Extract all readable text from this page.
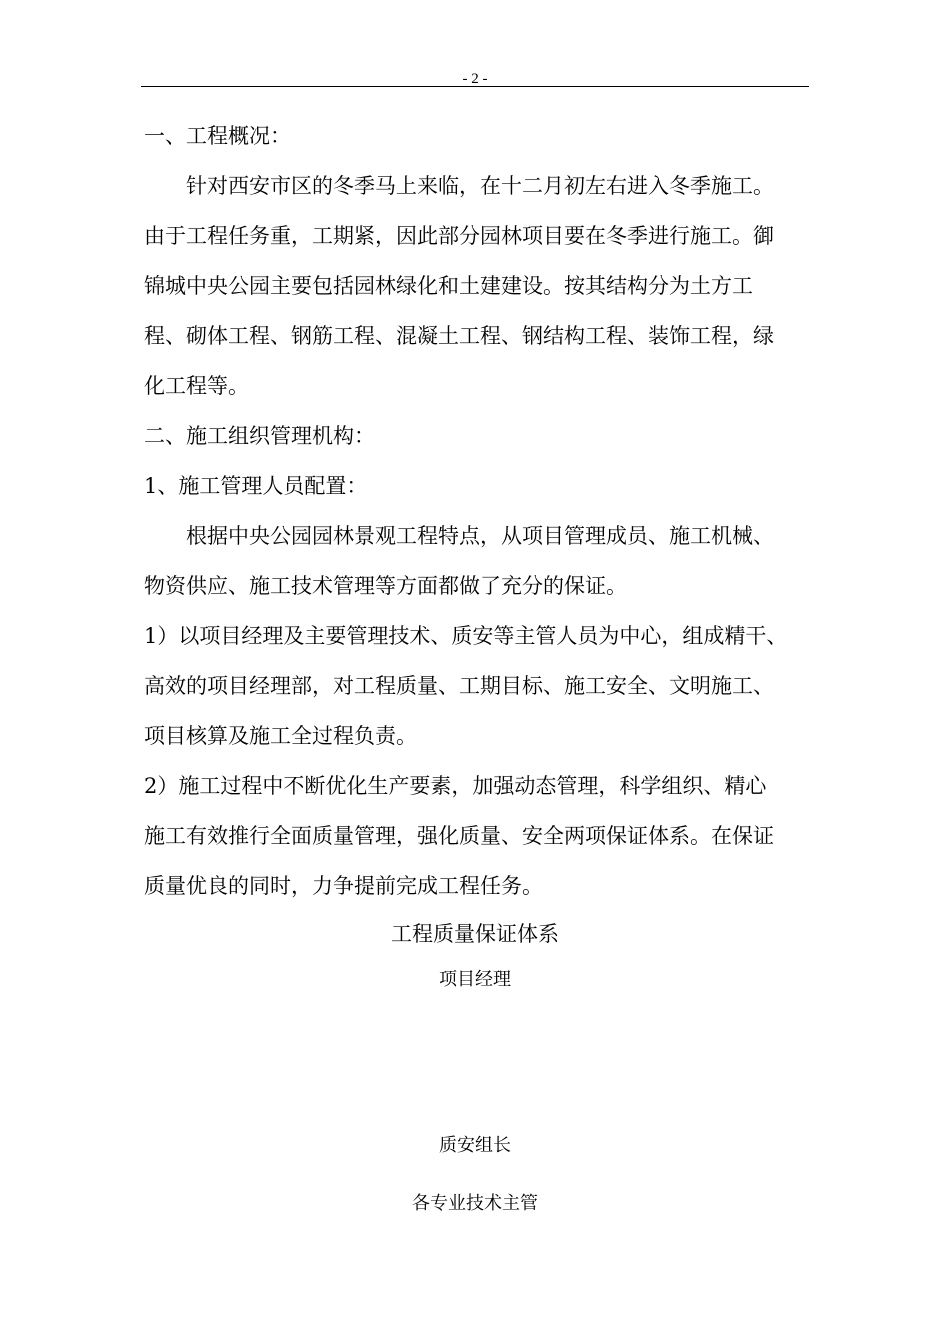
- 2 -
一、工程概况：
　　针对西安市区的冬季马上来临，在十二月初左右进入冬季施工。
由于工程任务重，工期紧，因此部分园林项目要在冬季进行施工。御
锦城中央公园主要包括园林绿化和土建建设。按其结构分为土方工
程、砌体工程、钢筋工程、混凝土工程、钢结构工程、装饰工程，绿
化工程等。
二、施工组织管理机构：
1、施工管理人员配置：
　　根据中央公园园林景观工程特点，从项目管理成员、施工机械、
物资供应、施工技术管理等方面都做了充分的保证。
1）以项目经理及主要管理技术、质安等主管人员为中心，组成精干、
高效的项目经理部，对工程质量、工期目标、施工安全、文明施工、
项目核算及施工全过程负责。
2）施工过程中不断优化生产要素，加强动态管理，科学组织、精心
施工有效推行全面质量管理，强化质量、安全两项保证体系。在保证
质量优良的同时，力争提前完成工程任务。
工程质量保证体系
项目经理
质安组长
各专业技术主管
